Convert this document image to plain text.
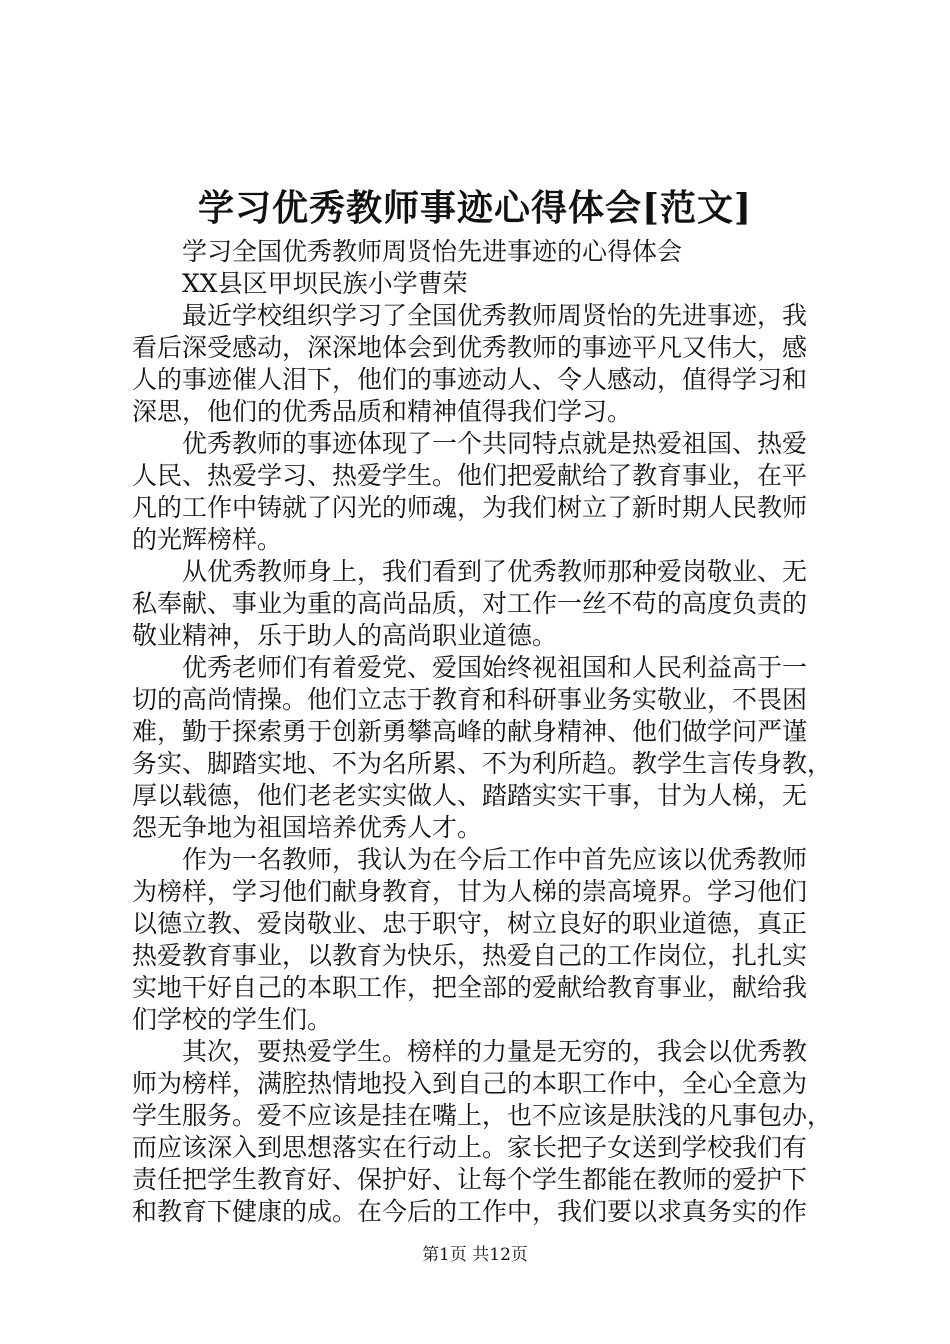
学习优秀教师事迹心得体会[范文]
学习全国优秀教师周贤怡先进事迹的心得体会
XX县区甲坝民族小学曹荣
最近学校组织学习了全国优秀教师周贤怡的先进事迹，我
看后深受感动，深深地体会到优秀教师的事迹平凡又伟大，感
人的事迹催人泪下，他们的事迹动人、令人感动，值得学习和
深思，他们的优秀品质和精神值得我们学习。
优秀教师的事迹体现了一个共同特点就是热爱祖国、热爱
人民、热爱学习、热爱学生。他们把爱献给了教育事业，在平
凡的工作中铸就了闪光的师魂，为我们树立了新时期人民教师
的光辉榜样。
从优秀教师身上，我们看到了优秀教师那种爱岗敬业、无
私奉献、事业为重的高尚品质，对工作一丝不苟的高度负责的
敬业精神，乐于助人的高尚职业道德。
优秀老师们有着爱党、爱国始终视祖国和人民利益高于一
切的高尚情操。他们立志于教育和科研事业务实敬业，不畏困
难，勤于探索勇于创新勇攀高峰的献身精神、他们做学问严谨
务实、脚踏实地、不为名所累、不为利所趋。教学生言传身教，
厚以载德，他们老老实实做人、踏踏实实干事，甘为人梯，无
怨无争地为祖国培养优秀人才。
作为一名教师，我认为在今后工作中首先应该以优秀教师
为榜样，学习他们献身教育，甘为人梯的崇高境界。学习他们
以德立教、爱岗敬业、忠于职守，树立良好的职业道德，真正
热爱教育事业，以教育为快乐，热爱自己的工作岗位，扎扎实
实地干好自己的本职工作，把全部的爱献给教育事业，献给我
们学校的学生们。
其次，要热爱学生。榜样的力量是无穷的，我会以优秀教
师为榜样，满腔热情地投入到自己的本职工作中，全心全意为
学生服务。爱不应该是挂在嘴上，也不应该是肤浅的凡事包办，
而应该深入到思想落实在行动上。家长把子女送到学校我们有
责任把学生教育好、保护好、让每个学生都能在教师的爱护下
和教育下健康的成。在今后的工作中，我们要以求真务实的作
第1页 共12页
